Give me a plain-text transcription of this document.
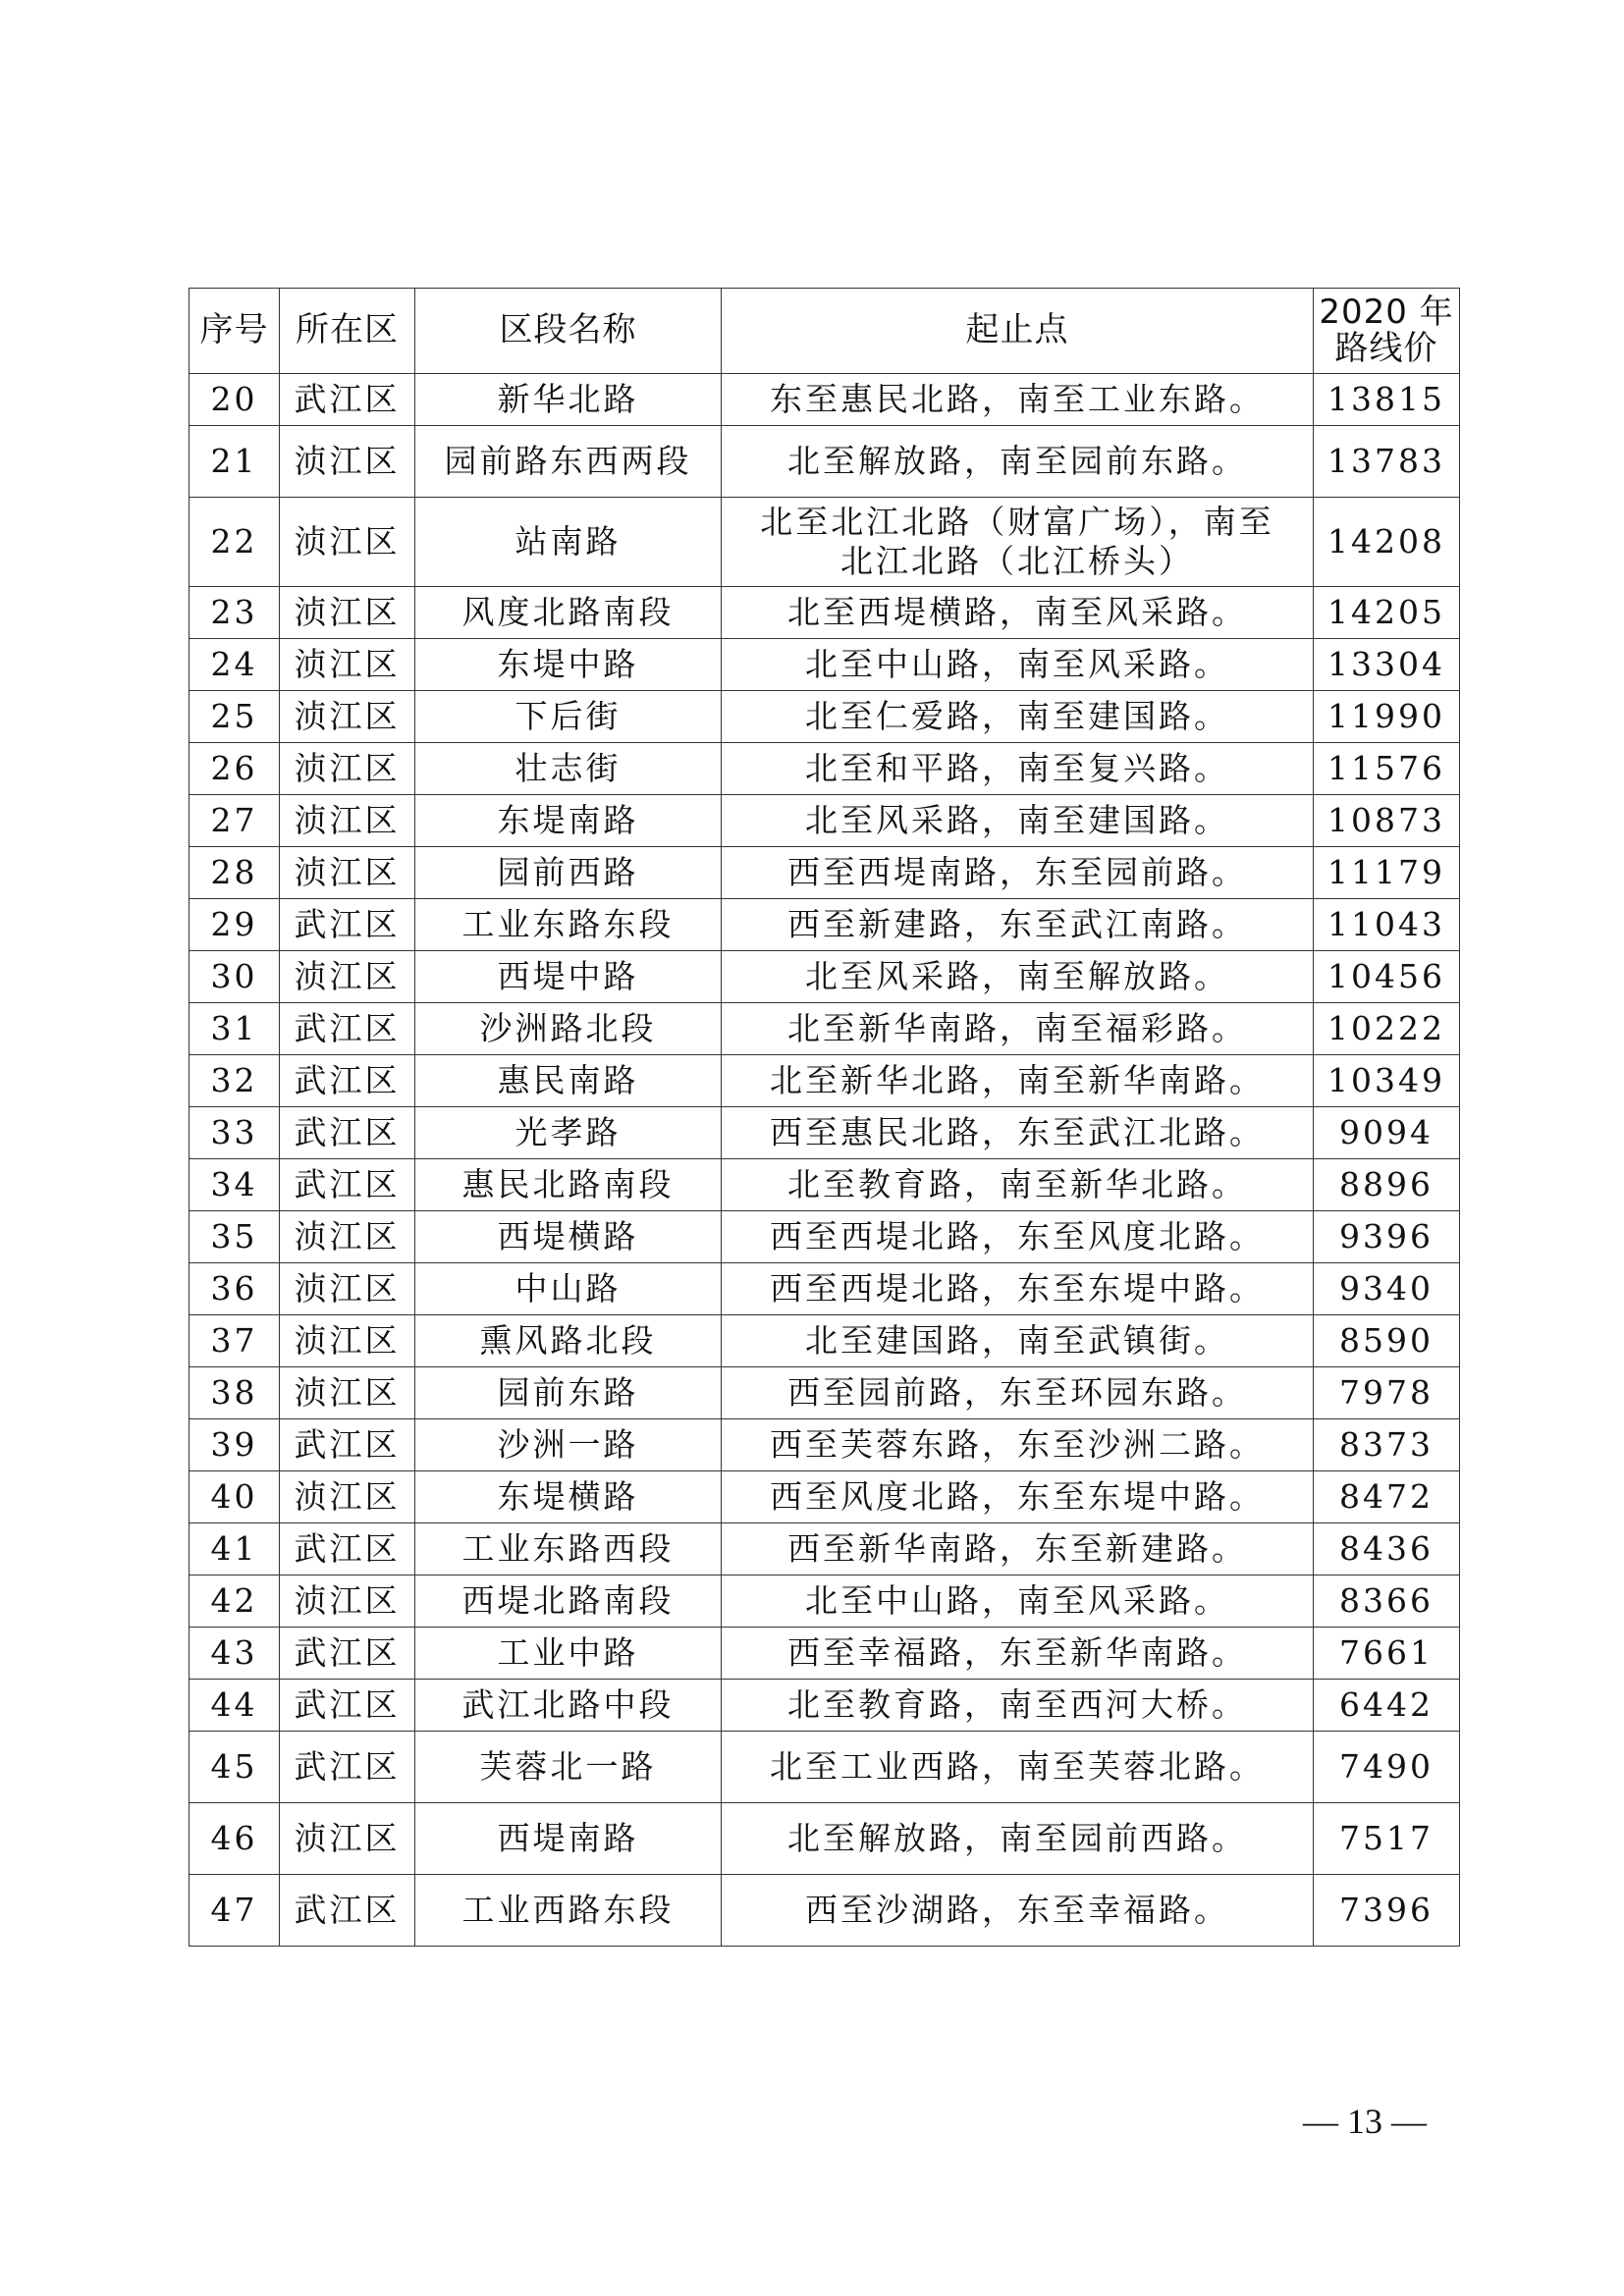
序号	所在区	区段名称	起止点	2020 年
路线价

20	武江区	新华北路	东至惠民北路，南至工业东路。	13815
21	浈江区	园前路东西两段	北至解放路，南至园前东路。	13783
22	浈江区	站南路	北至北江北路（财富广场），南至
北江北路（北江桥头）	14208
23	浈江区	风度北路南段	北至西堤横路，南至风采路。	14205
24	浈江区	东堤中路	北至中山路，南至风采路。	13304
25	浈江区	下后街	北至仁爱路，南至建国路。	11990
26	浈江区	壮志街	北至和平路，南至复兴路。	11576
27	浈江区	东堤南路	北至风采路，南至建国路。	10873
28	浈江区	园前西路	西至西堤南路，东至园前路。	11179
29	武江区	工业东路东段	西至新建路，东至武江南路。	11043
30	浈江区	西堤中路	北至风采路，南至解放路。	10456
31	武江区	沙洲路北段	北至新华南路，南至福彩路。	10222
32	武江区	惠民南路	北至新华北路，南至新华南路。	10349
33	武江区	光孝路	西至惠民北路，东至武江北路。	9094
34	武江区	惠民北路南段	北至教育路，南至新华北路。	8896
35	浈江区	西堤横路	西至西堤北路，东至风度北路。	9396
36	浈江区	中山路	西至西堤北路，东至东堤中路。	9340
37	浈江区	熏风路北段	北至建国路，南至武镇街。	8590
38	浈江区	园前东路	西至园前路，东至环园东路。	7978
39	武江区	沙洲一路	西至芙蓉东路，东至沙洲二路。	8373
40	浈江区	东堤横路	西至风度北路，东至东堤中路。	8472
41	武江区	工业东路西段	西至新华南路，东至新建路。	8436
42	浈江区	西堤北路南段	北至中山路，南至风采路。	8366
43	武江区	工业中路	西至幸福路，东至新华南路。	7661
44	武江区	武江北路中段	北至教育路，南至西河大桥。	6442
45	武江区	芙蓉北一路	北至工业西路，南至芙蓉北路。	7490
46	浈江区	西堤南路	北至解放路，南至园前西路。	7517
47	武江区	工业西路东段	西至沙湖路，东至幸福路。	7396
— 13 —
